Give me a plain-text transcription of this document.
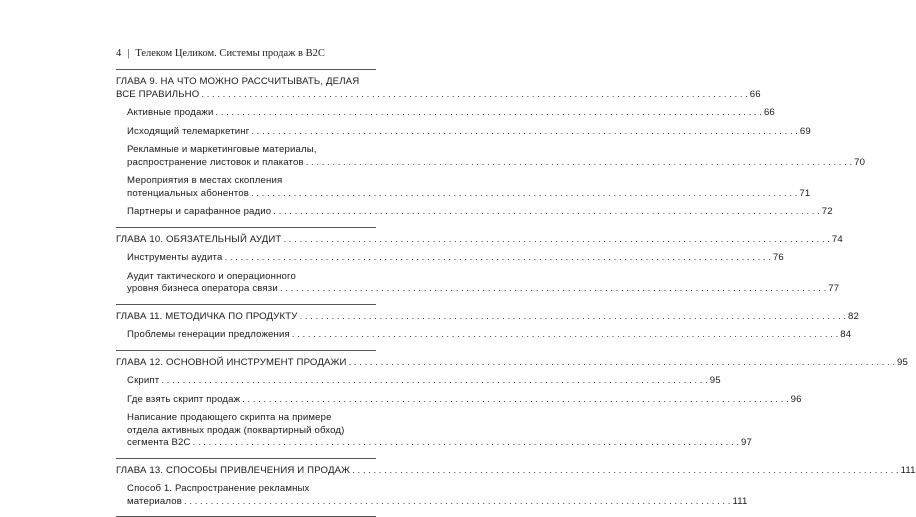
4 | Телеком Целиком. Системы продаж в B2C
ГЛАВА 9. НА ЧТО МОЖНО РАССЧИТЫВАТЬ, ДЕЛАЯ
ВСЕ ПРАВИЛЬНО . . .	66
Активные продажи . . .	66
Исходящий телемаркетинг . . .	69
Рекламные и маркетинговые материалы,
распространение листовок и плакатов . . .	70
Мероприятия в местах скопления
потенциальных абонентов . . .	71
Партнеры и сарафанное радио . . .	72
ГЛАВА 10. ОБЯЗАТЕЛЬНЫЙ АУДИТ . . .	74
Инструменты аудита . . .	76
Аудит тактического и операционного
уровня бизнеса оператора связи . . .	77
ГЛАВА 11. МЕТОДИЧКА ПО ПРОДУКТУ . . .	82
Проблемы генерации предложения . . .	84
ГЛАВА 12. ОСНОВНОЙ ИНСТРУМЕНТ ПРОДАЖИ . . .	95
Скрипт . . .	95
Где взять скрипт продаж . . .	96
Написание продающего скрипта на примере
отдела активных продаж (поквартирный обход)
сегмента B2C . . .	97
ГЛАВА 13. СПОСОБЫ ПРИВЛЕЧЕНИЯ И ПРОДАЖ . . .	111
Способ 1. Распространение рекламных
материалов . . .	111
